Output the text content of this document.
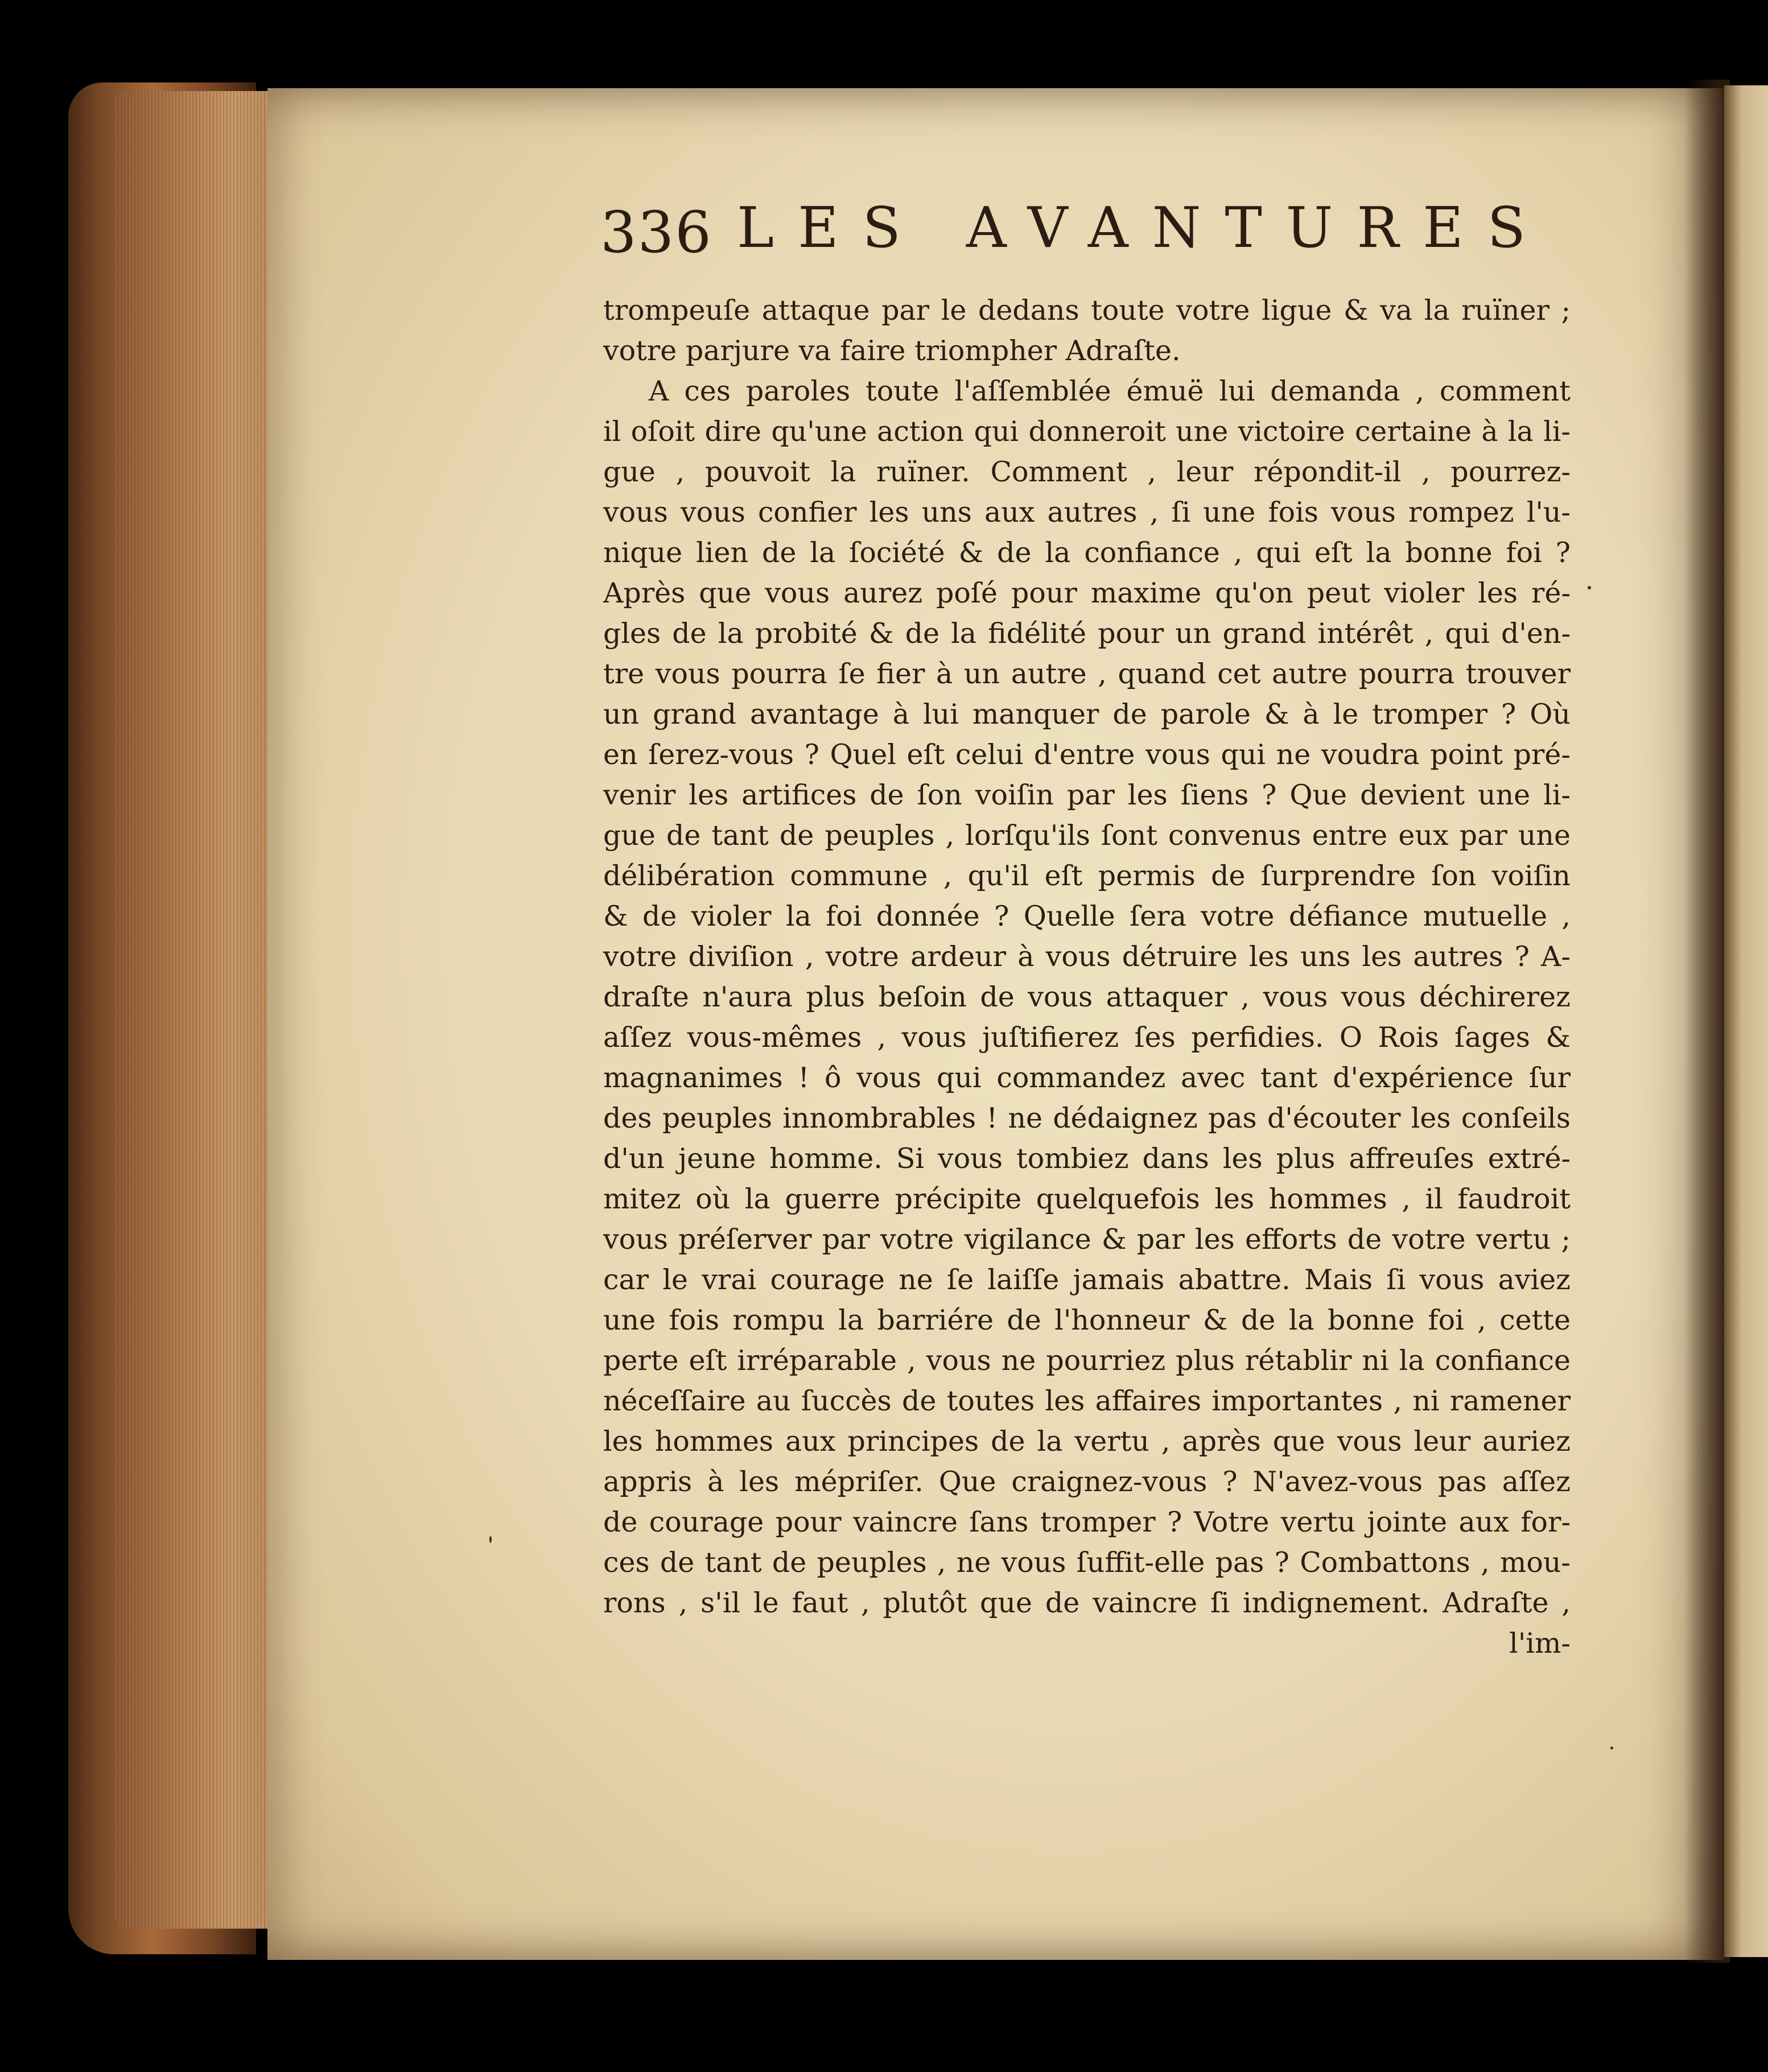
336 LES AVANTURES
trompeuſe attaque par le dedans toute votre ligue & va la ruïner ;
votre parjure va faire triompher Adraſte.
A ces paroles toute l'aſſemblée émuë lui demanda , comment
il oſoit dire qu'une action qui donneroit une victoire certaine à la li-
gue , pouvoit la ruïner. Comment , leur répondit-il , pourrez-
vous vous confier les uns aux autres , ſi une fois vous rompez l'u-
nique lien de la ſociété & de la confiance , qui eſt la bonne foi ?
Après que vous aurez poſé pour maxime qu'on peut violer les ré-
gles de la probité & de la fidélité pour un grand intérêt , qui d'en-
tre vous pourra ſe fier à un autre , quand cet autre pourra trouver
un grand avantage à lui manquer de parole & à le tromper ? Où
en ſerez-vous ? Quel eſt celui d'entre vous qui ne voudra point pré-
venir les artifices de ſon voiſin par les ſiens ? Que devient une li-
gue de tant de peuples , lorſqu'ils ſont convenus entre eux par une
délibération commune , qu'il eſt permis de ſurprendre ſon voiſin
& de violer la foi donnée ? Quelle ſera votre défiance mutuelle ,
votre diviſion , votre ardeur à vous détruire les uns les autres ? A-
draſte n'aura plus beſoin de vous attaquer , vous vous déchirerez
aſſez vous-mêmes , vous juſtifierez ſes perfidies. O Rois ſages &
magnanimes ! ô vous qui commandez avec tant d'expérience ſur
des peuples innombrables ! ne dédaignez pas d'écouter les conſeils
d'un jeune homme. Si vous tombiez dans les plus affreuſes extré-
mitez où la guerre précipite quelquefois les hommes , il faudroit
vous préſerver par votre vigilance & par les efforts de votre vertu ;
car le vrai courage ne ſe laiſſe jamais abattre. Mais ſi vous aviez
une fois rompu la barriére de l'honneur & de la bonne foi , cette
perte eſt irréparable , vous ne pourriez plus rétablir ni la confiance
néceſſaire au ſuccès de toutes les affaires importantes , ni ramener
les hommes aux principes de la vertu , après que vous leur auriez
appris à les mépriſer. Que craignez-vous ? N'avez-vous pas aſſez
de courage pour vaincre ſans tromper ? Votre vertu jointe aux for-
ces de tant de peuples , ne vous ſuffit-elle pas ? Combattons , mou-
rons , s'il le faut , plutôt que de vaincre ſi indignement. Adraſte ,
l'im-
